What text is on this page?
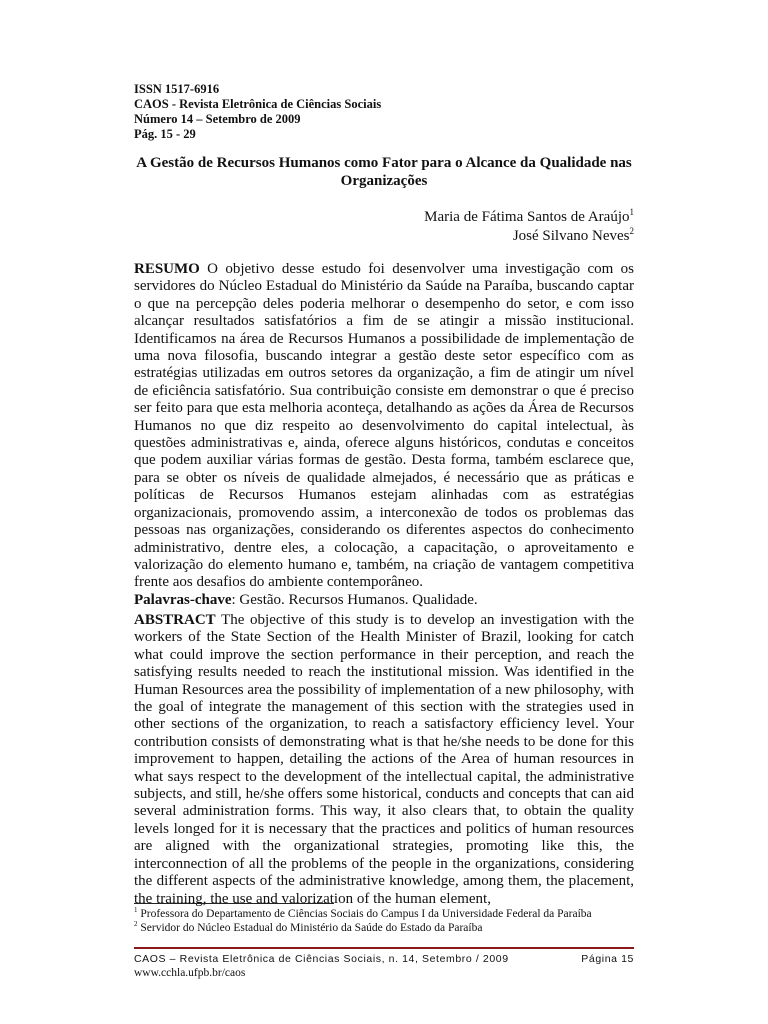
ISSN 1517-6916
CAOS - Revista Eletrônica de Ciências Sociais
Número 14 – Setembro de 2009
Pág. 15 - 29
A Gestão de Recursos Humanos como Fator para o Alcance da Qualidade nas Organizações
Maria de Fátima Santos de Araújo$^1$
José Silvano Neves$^2$
RESUMO O objetivo desse estudo foi desenvolver uma investigação com os servidores do Núcleo Estadual do Ministério da Saúde na Paraíba, buscando captar o que na percepção deles poderia melhorar o desempenho do setor, e com isso alcançar resultados satisfatórios a fim de se atingir a missão institucional. Identificamos na área de Recursos Humanos a possibilidade de implementação de uma nova filosofia, buscando integrar a gestão deste setor específico com as estratégias utilizadas em outros setores da organização, a fim de atingir um nível de eficiência satisfatório. Sua contribuição consiste em demonstrar o que é preciso ser feito para que esta melhoria aconteça, detalhando as ações da Área de Recursos Humanos no que diz respeito ao desenvolvimento do capital intelectual, às questões administrativas e, ainda, oferece alguns históricos, condutas e conceitos que podem auxiliar várias formas de gestão. Desta forma, também esclarece que, para se obter os níveis de qualidade almejados, é necessário que as práticas e políticas de Recursos Humanos estejam alinhadas com as estratégias organizacionais, promovendo assim, a interconexão de todos os problemas das pessoas nas organizações, considerando os diferentes aspectos do conhecimento administrativo, dentre eles, a colocação, a capacitação, o aproveitamento e valorização do elemento humano e, também, na criação de vantagem competitiva frente aos desafios do ambiente contemporâneo.
Palavras-chave: Gestão. Recursos Humanos. Qualidade.
ABSTRACT The objective of this study is to develop an investigation with the workers of the State Section of the Health Minister of Brazil, looking for catch what could improve the section performance in their perception, and reach the satisfying results needed to reach the institutional mission. Was identified in the Human Resources area the possibility of implementation of a new philosophy, with the goal of integrate the management of this section with the strategies used in other sections of the organization, to reach a satisfactory efficiency level. Your contribution consists of demonstrating what is that he/she needs to be done for this improvement to happen, detailing the actions of the Area of human resources in what says respect to the development of the intellectual capital, the administrative subjects, and still, he/she offers some historical, conducts and concepts that can aid several administration forms. This way, it also clears that, to obtain the quality levels longed for it is necessary that the practices and politics of human resources are aligned with the organizational strategies, promoting like this, the interconnection of all the problems of the people in the organizations, considering the different aspects of the administrative knowledge, among them, the placement, the training, the use and valorization of the human element,
$^1$ Professora do Departamento de Ciências Sociais do Campus I da Universidade Federal da Paraíba
$^2$ Servidor do Núcleo Estadual do Ministério da Saúde do Estado da Paraíba
CAOS – Revista Eletrônica de Ciências Sociais, n. 14, Setembro / 2009
www.cchla.ufpb.br/caos
Página 15
